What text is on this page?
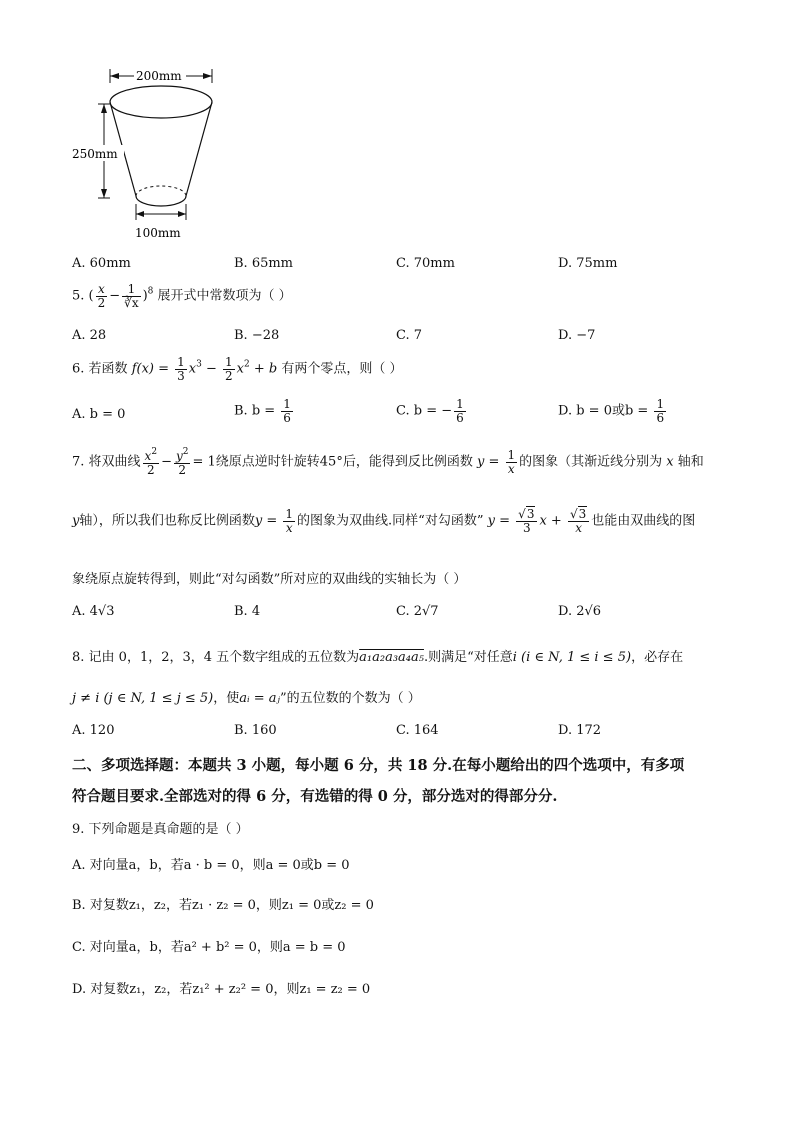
200mm
250mm
100mm
A. 60mm	B. 65mm	C. 70mm	D. 75mm
5. ( $\frac{x}{2} - \frac{1}{∛x} )^8$ 展开式中常数项为（ ）
A. 28	B. −28	C. 7	D. −7
6. 若函数 $f(x) = \frac{1}{3} x^3 - \frac{1}{2} x^2 + b$ 有两个零点，则（ ）
A. b = 0	B. $b = \frac{1}{6}$	C. b = − $\frac{1}{6}$	D. b = 0或$b = \frac{1}{6}$
7. 将双曲线 $\frac{x^2}{2} - \frac{y^2}{2} = 1$绕原点逆时针旋转45°后，能得到反比例函数 $y = \frac{1}{x}$ 的图象（其渐近线分别为 x 轴和
y轴），所以我们也称反比例函数$y = \frac{1}{x}$ 的图象为双曲线.同样“对勾函数” $y = \frac{√3}{3}$ $x + \frac{√3}{x}$ 也能由双曲线的图
象绕原点旋转得到，则此“对勾函数”所对应的双曲线的实轴长为（ ）
A. 4√3	B. 4	C. 2√7	D. 2√6
8. 记由 0，1，2，3，4 五个数字组成的五位数为a₁a₂a₃a₄a₅.则满足“对任意i (i ∈ N, 1 ≤ i ≤ 5)，必存在
j ≠ i (j ∈ N, 1 ≤ j ≤ 5)，使aᵢ = aⱼ”的五位数的个数为（ ）
A. 120	B. 160	C. 164	D. 172
二、多项选择题：本题共 3 小题，每小题 6 分，共 18 分.在每小题给出的四个选项中，有多项
符合题目要求.全部选对的得 6 分，有选错的得 0 分，部分选对的得部分分.
9. 下列命题是真命题的是（ ）
A. 对向量a，b，若a · b = 0，则a = 0或b = 0
B. 对复数z₁，z₂，若z₁ · z₂ = 0，则z₁ = 0或z₂ = 0
C. 对向量a，b，若a² + b² = 0，则a = b = 0
D. 对复数z₁，z₂，若z₁² + z₂² = 0，则z₁ = z₂ = 0
